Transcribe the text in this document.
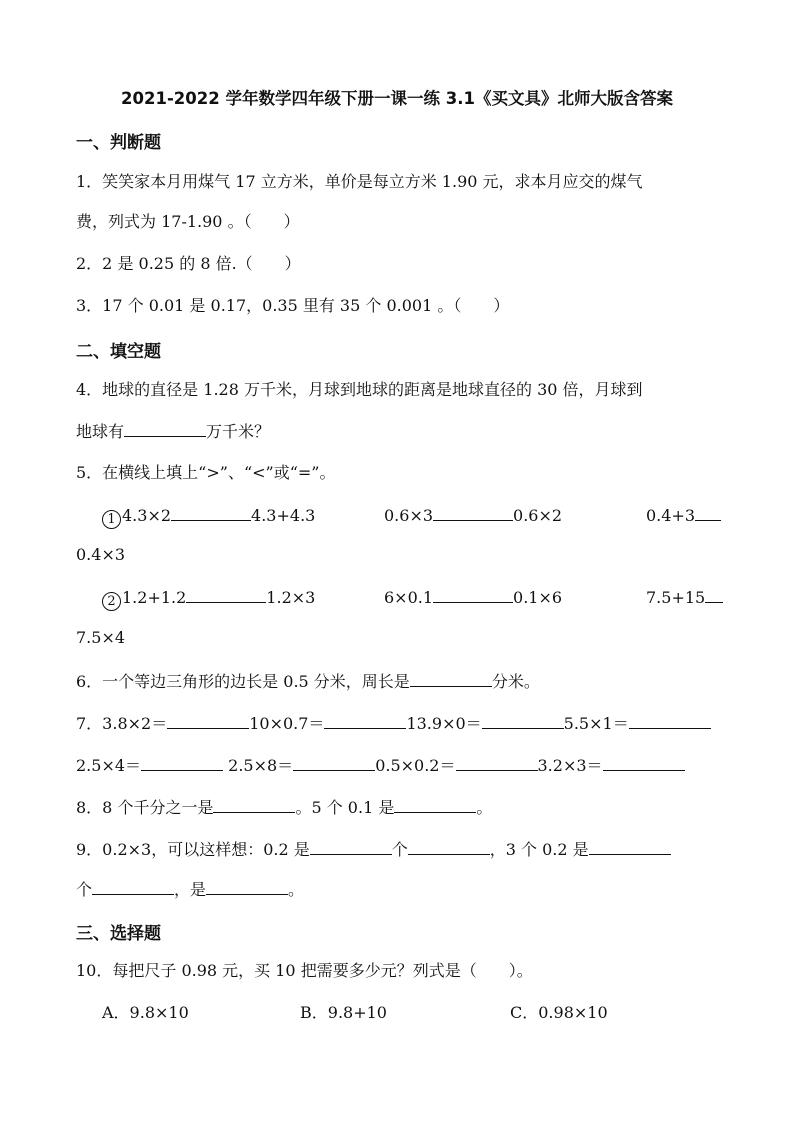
2021-2022 学年数学四年级下册一课一练 3.1《买文具》北师大版含答案
一、判断题
1．笑笑家本月用煤气 17 立方米，单价是每立方米 1.90 元，求本月应交的煤气
费，列式为 17-1.90 。（　　）
2．2 是 0.25 的 8 倍.（　　）
3．17 个 0.01 是 0.17，0.35 里有 35 个 0.001 。（　　）
二、填空题
4．地球的直径是 1.28 万千米，月球到地球的距离是地球直径的 30 倍，月球到
地球有	万千米？
5．在横线上填上“>”、“<”或“=”。
1 4.3×2	4.3+4.3	0.6×3	0.6×2	0.4+3
0.4×3
2 1.2+1.2	1.2×3	6×0.1	0.1×6	7.5+15
7.5×4
6．一个等边三角形的边长是 0.5 分米，周长是	分米。
7．3.8×2＝	10×0.7＝	13.9×0＝	5.5×1＝
2.5×4＝	2.5×8＝	0.5×0.2＝	3.2×3＝
8．8 个千分之一是	。5 个 0.1 是	。
9．0.2×3，可以这样想：0.2 是	个	，3 个 0.2 是
个	，是	。
三、选择题
10．每把尺子 0.98 元，买 10 把需要多少元？列式是（　　）。
A．9.8×10	B．9.8+10	C．0.98×10
